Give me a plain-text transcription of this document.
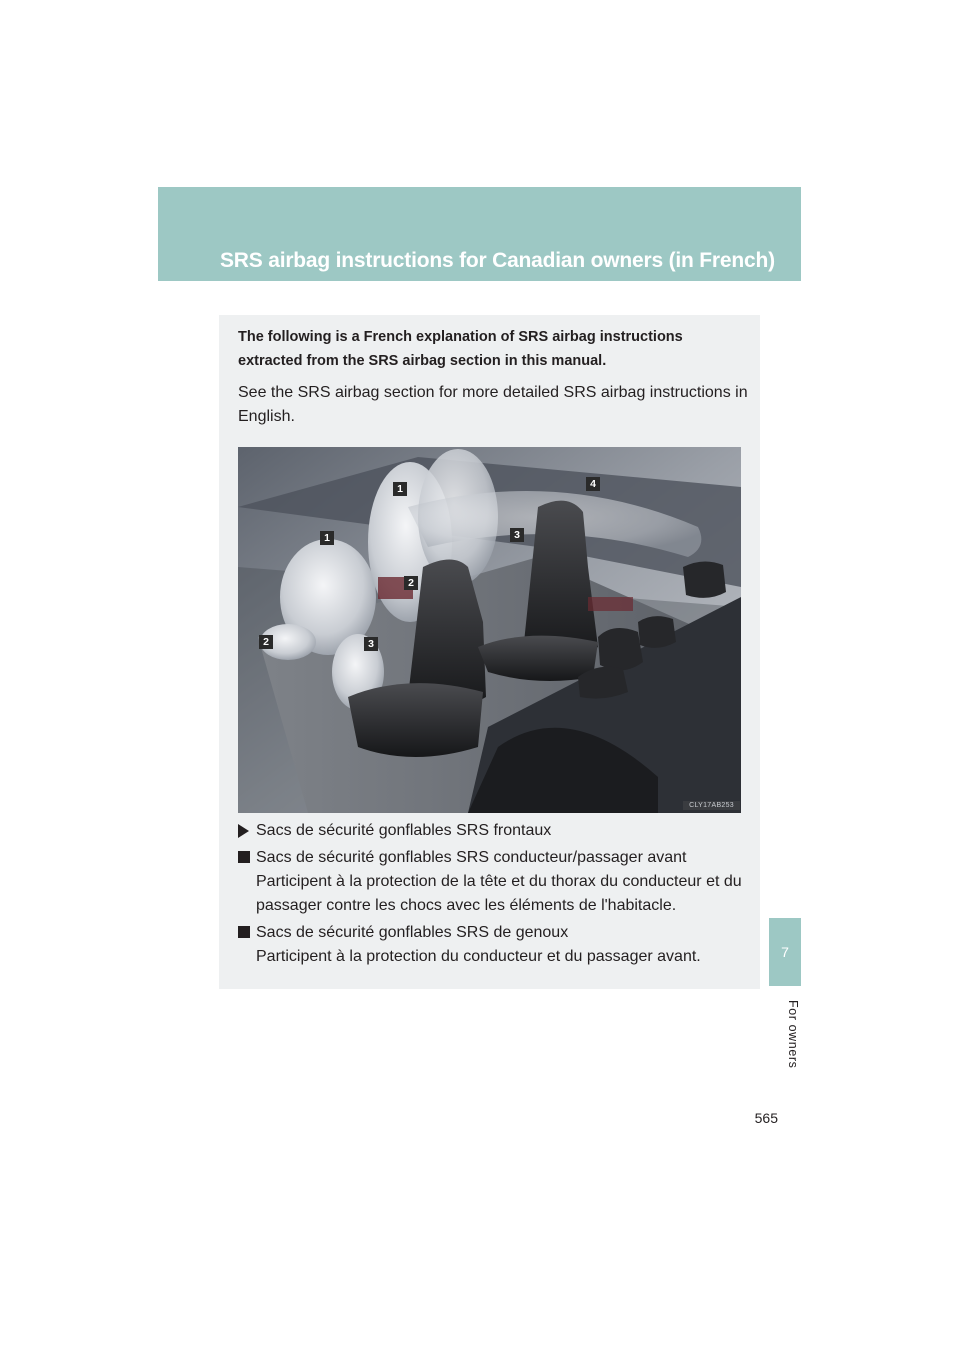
SRS airbag instructions for Canadian owners (in French)
7
For owners
565
The following is a French explanation of SRS airbag instructions extracted from the SRS airbag section in this manual.
See the SRS airbag section for more detailed SRS airbag instructions in English.
1
1
2
2
3
3
4
CLY17AB253
Sacs de sécurité gonflables SRS frontaux
Sacs de sécurité gonflables SRS conducteur/passager avant
Participent à la protection de la tête et du thorax du conducteur et du passager contre les chocs avec les éléments de l'habitacle.
Sacs de sécurité gonflables SRS de genoux
Participent à la protection du conducteur et du passager avant.
